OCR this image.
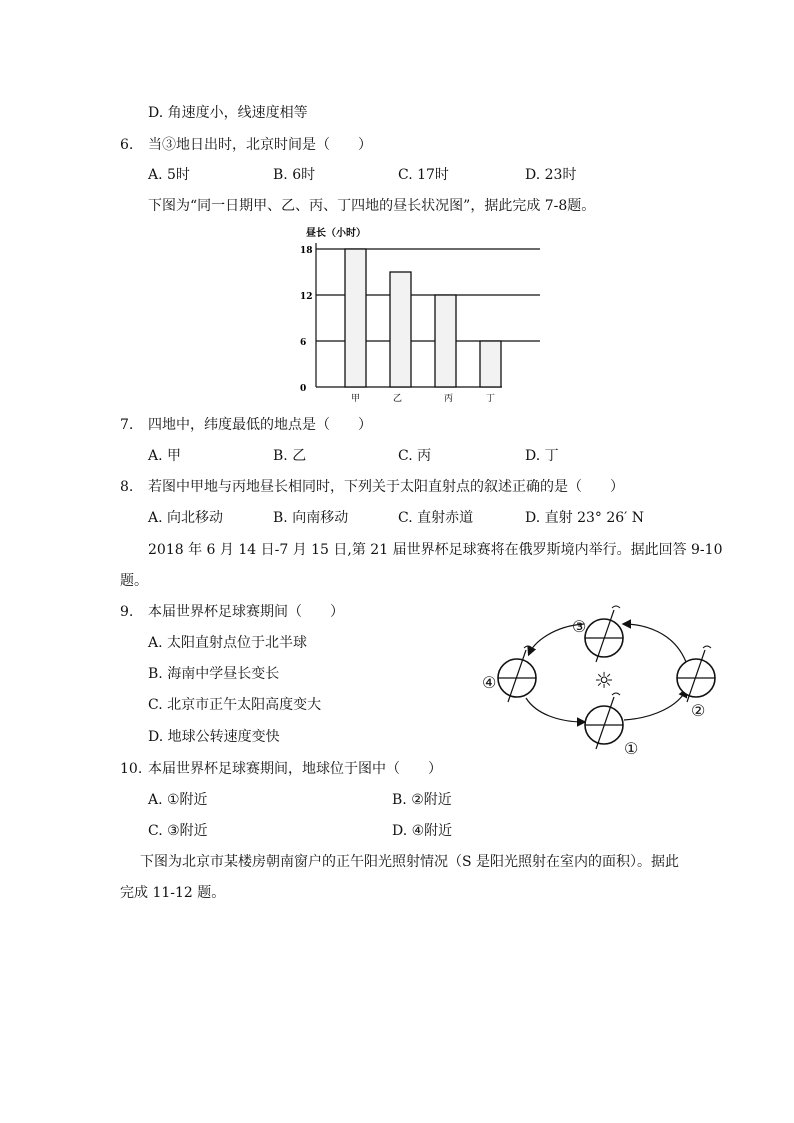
D. 角速度小，线速度相等
6. 当③地日出时，北京时间是（　　）
A. 5时	B. 6时	C. 17时	D. 23时
下图为“同一日期甲、乙、丙、丁四地的昼长状况图”，据此完成 7-8题。
昼长（小时）
0
6
12
18
甲	乙	丙	丁
7. 四地中，纬度最低的地点是（　　）
A. 甲	B. 乙	C. 丙	D. 丁
8. 若图中甲地与丙地昼长相同时，下列关于太阳直射点的叙述正确的是（　　）
A. 向北移动	B. 向南移动	C. 直射赤道	D. 直射 23° 26′ N
2018 年 6 月 14 日-7 月 15 日,第 21 届世界杯足球赛将在俄罗斯境内举行。据此回答 9-10
题。
9. 本届世界杯足球赛期间（　　）
A. 太阳直射点位于北半球
B. 海南中学昼长变长
C. 北京市正午太阳高度变大
D. 地球公转速度变快
☼
①
②
③
④
10. 本届世界杯足球赛期间，地球位于图中（　　）
A. ①附近	B. ②附近
C. ③附近	D. ④附近
下图为北京市某楼房朝南窗户的正午阳光照射情况（S 是阳光照射在室内的面积）。据此
完成 11-12 题。
